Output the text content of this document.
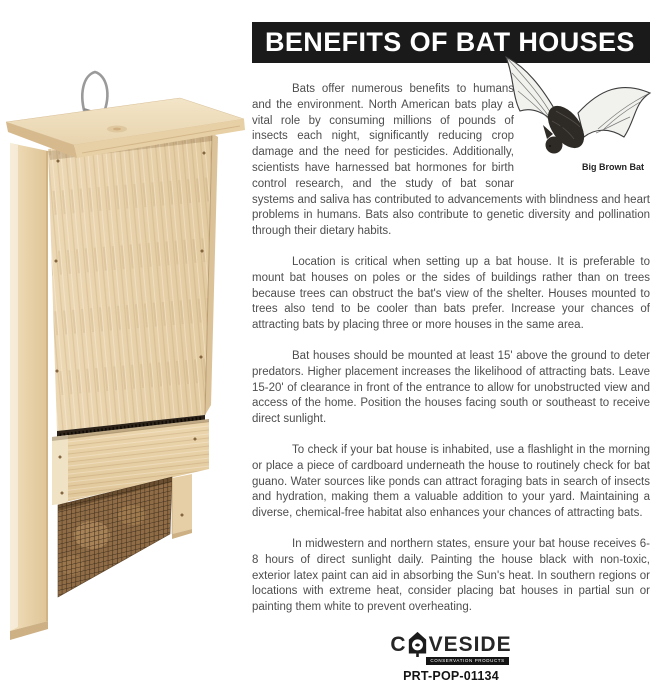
BENEFITS OF BAT HOUSES
Big Brown Bat

Bats offer numerous benefits to humans and the environment. North American bats play a vital role by consuming millions of pounds of insects each night, significantly reducing crop damage and the need for pesticides. Additionally, scientists have harnessed bat hormones for birth control research, and the study of bat sonar systems and saliva has contributed to advancements with blindness and heart problems in humans. Bats also contribute to genetic diversity and pollination through their dietary habits.

Location is critical when setting up a bat house. It is preferable to mount bat houses on poles or the sides of buildings rather than on trees because trees can obstruct the bat's view of the shelter. Houses mounted to trees also tend to be cooler than bats prefer. Increase your chances of attracting bats by placing three or more houses in the same area.

Bat houses should be mounted at least 15' above the ground to deter predators. Higher placement increases the likelihood of attracting bats. Leave 15-20' of clearance in front of the entrance to allow for unobstructed view and access of the home. Position the houses facing south or southeast to receive direct sunlight.

To check if your bat house is inhabited, use a flashlight in the morning or place a piece of cardboard underneath the house to routinely check for bat guano. Water sources like ponds can attract foraging bats in search of insects and hydration, making them a valuable addition to your yard. Maintaining a diverse, chemical-free habitat also enhances your chances of attracting bats.

In midwestern and northern states, ensure your bat house receives 6-8 hours of direct sunlight daily. Painting the house black with non-toxic, exterior latex paint can aid in absorbing the Sun's heat. In southern regions or locations with extreme heat, consider placing bat houses in partial sun or painting them white to prevent overheating.

C VESIDE
CONSERVATION PRODUCTS
PRT-POP-01134
